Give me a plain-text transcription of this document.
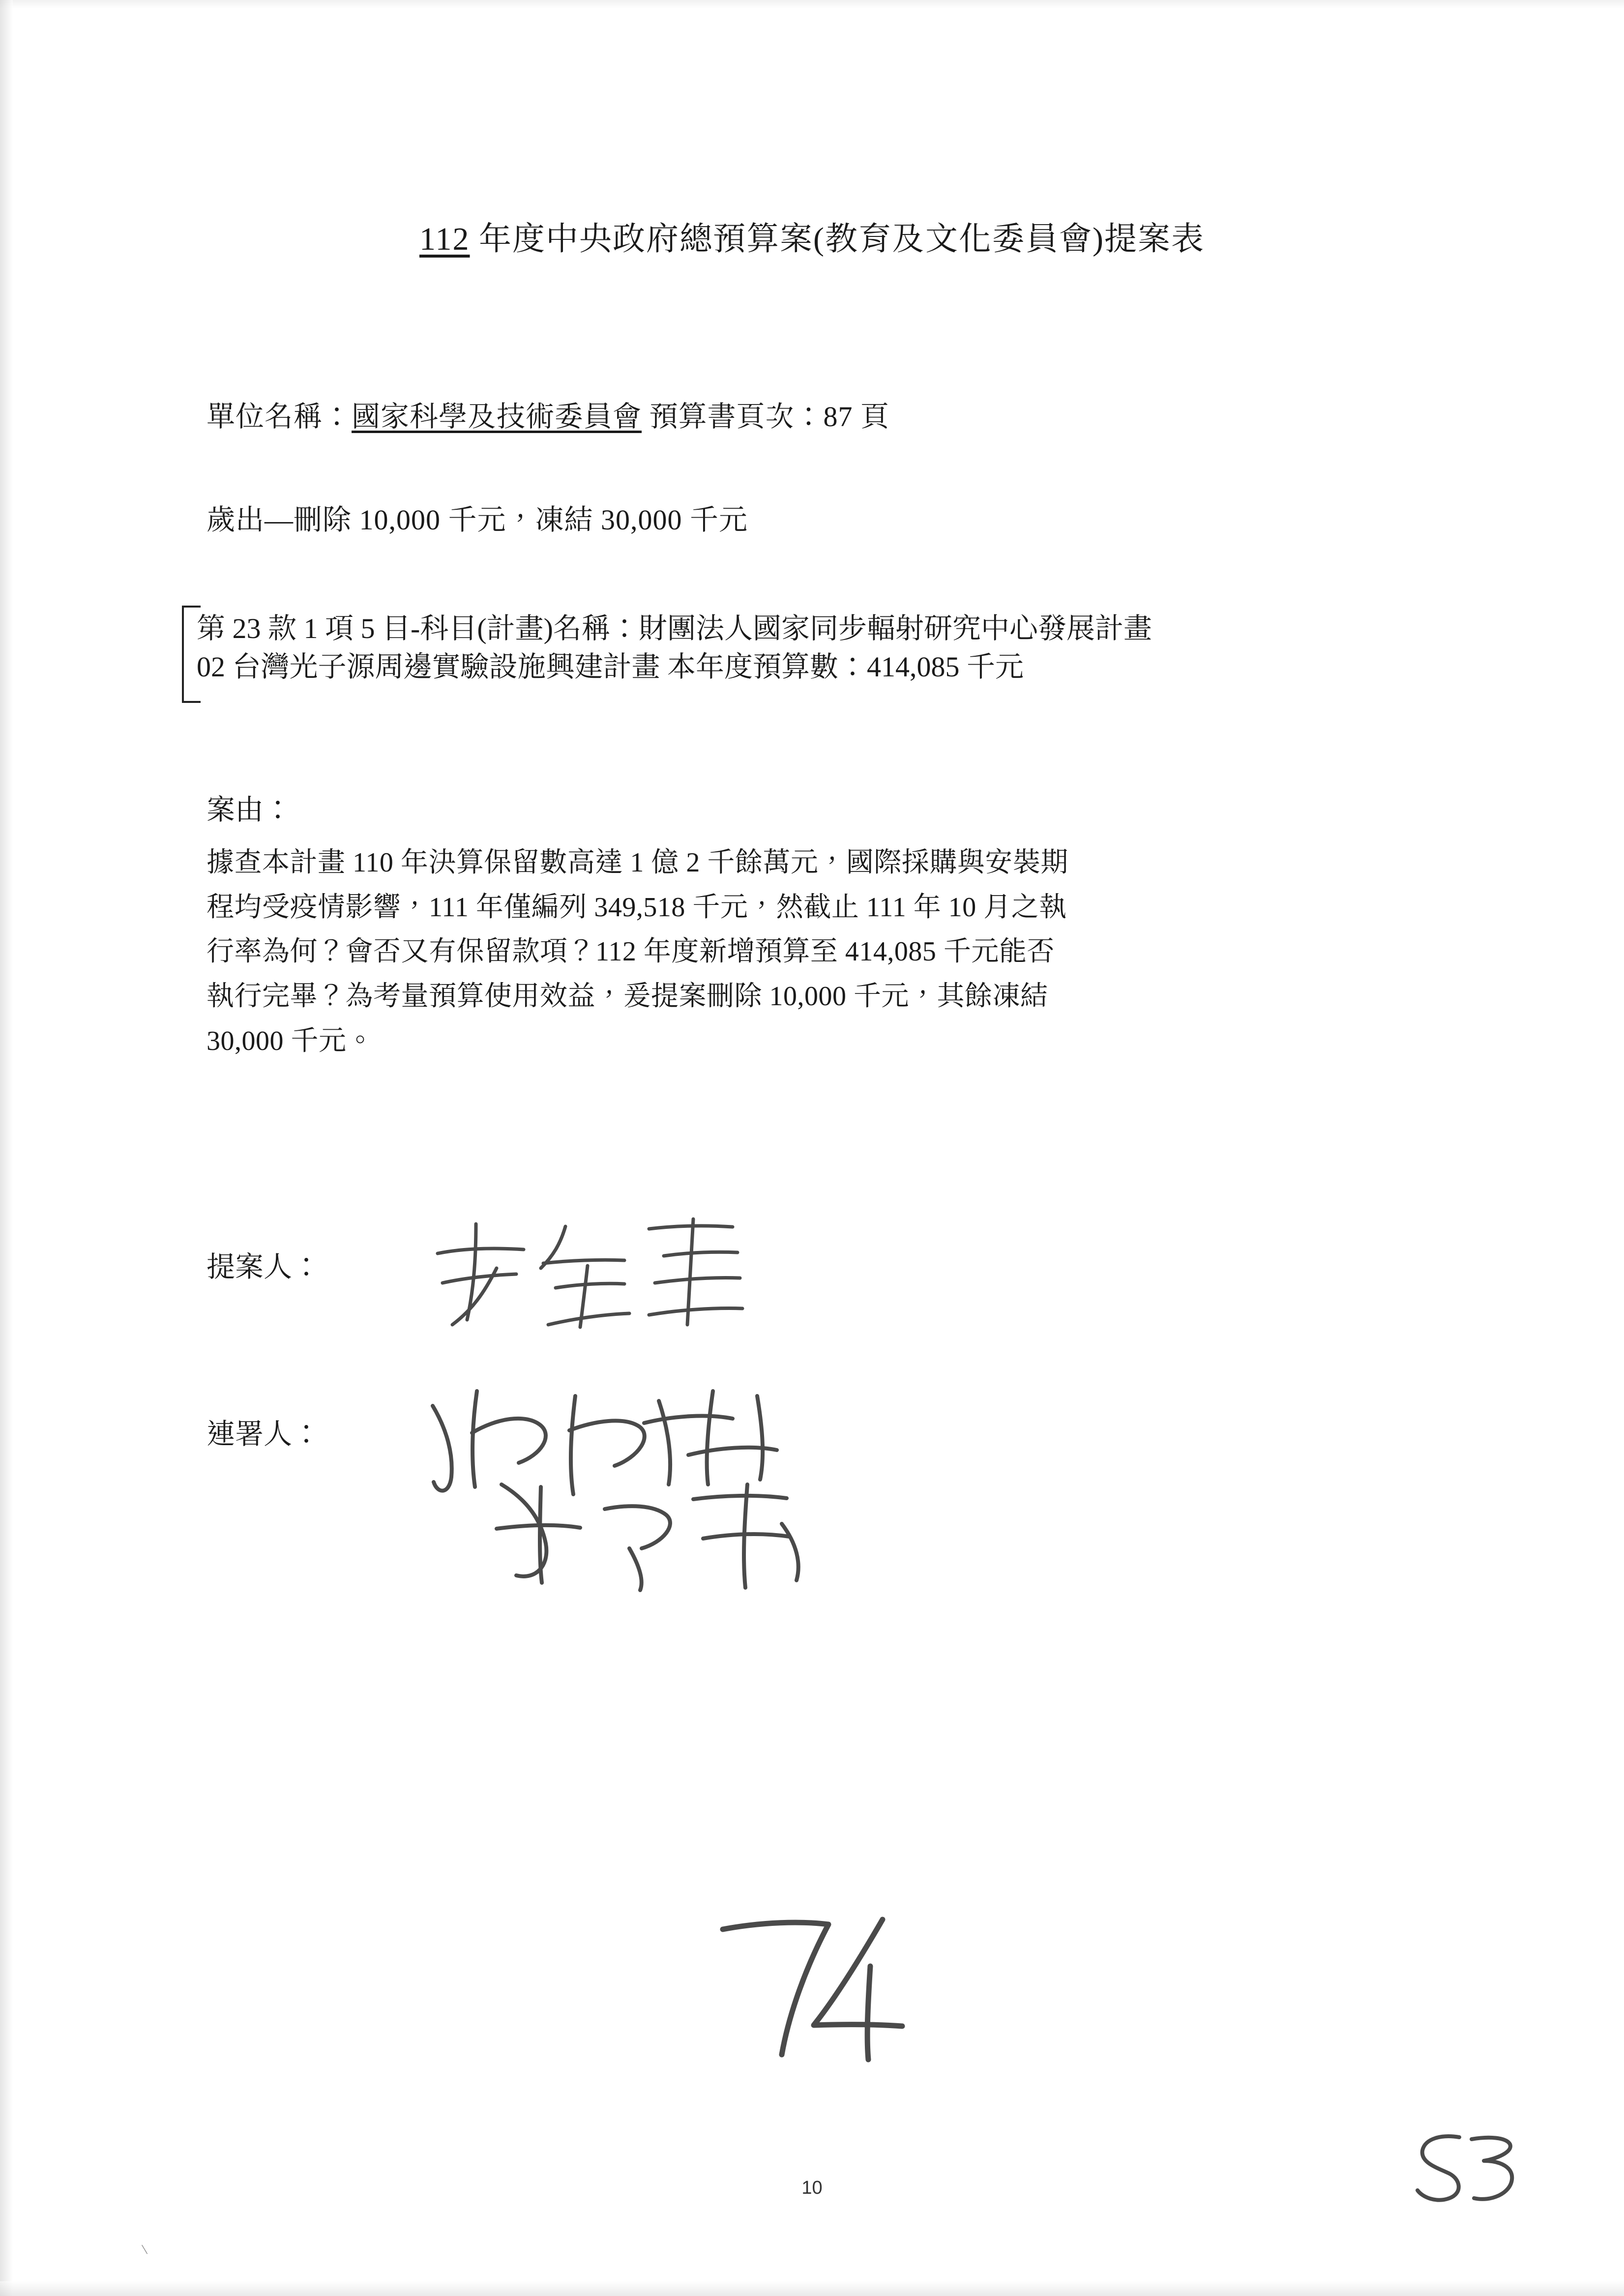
112 年度中央政府總預算案(教育及文化委員會)提案表
單位名稱：國家科學及技術委員會 預算書頁次：87 頁
歲出—刪除 10,000 千元，凍結 30,000 千元
第 23 款 1 項 5 目-科目(計畫)名稱：財團法人國家同步輻射研究中心發展計畫
02 台灣光子源周邊實驗設施興建計畫 本年度預算數：414,085 千元
案由：

據查本計畫 110 年決算保留數高達 1 億 2 千餘萬元，國際採購與安裝期

程均受疫情影響，111 年僅編列 349,518 千元，然截止 111 年 10 月之執

行率為何？會否又有保留款項？112 年度新增預算至 414,085 千元能否

執行完畢？為考量預算使用效益，爰提案刪除 10,000 千元，其餘凍結

30,000 千元。

提案人：
連署人：
10
\
